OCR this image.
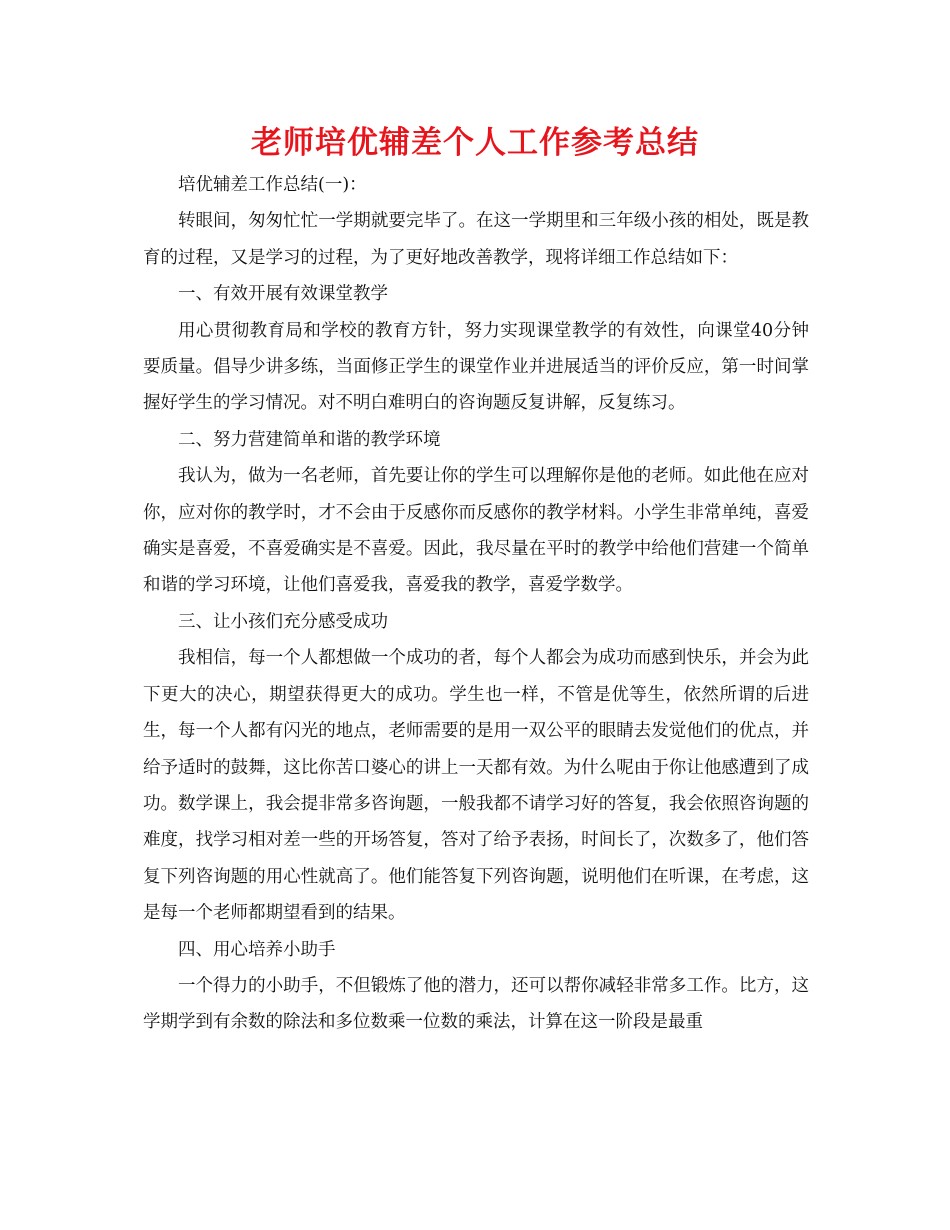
老师培优辅差个人工作参考总结

培优辅差工作总结(一)：

转眼间，匆匆忙忙一学期就要完毕了。在这一学期里和三年级小孩的相处，既是教育的过程，又是学习的过程，为了更好地改善教学，现将详细工作总结如下：

一、有效开展有效课堂教学

用心贯彻教育局和学校的教育方针，努力实现课堂教学的有效性，向课堂40分钟要质量。倡导少讲多练，当面修正学生的课堂作业并进展适当的评价反应，第一时间掌握好学生的学习情况。对不明白难明白的咨询题反复讲解，反复练习。

二、努力营建简单和谐的教学环境

我认为，做为一名老师，首先要让你的学生可以理解你是他的老师。如此他在应对你，应对你的教学时，才不会由于反感你而反感你的教学材料。小学生非常单纯，喜爱确实是喜爱，不喜爱确实是不喜爱。因此，我尽量在平时的教学中给他们营建一个简单和谐的学习环境，让他们喜爱我，喜爱我的教学，喜爱学数学。

三、让小孩们充分感受成功

我相信，每一个人都想做一个成功的者，每个人都会为成功而感到快乐，并会为此下更大的决心，期望获得更大的成功。学生也一样，不管是优等生，依然所谓的后进生，每一个人都有闪光的地点，老师需要的是用一双公平的眼睛去发觉他们的优点，并给予适时的鼓舞，这比你苦口婆心的讲上一天都有效。为什么呢由于你让他感遭到了成功。数学课上，我会提非常多咨询题，一般我都不请学习好的答复，我会依照咨询题的难度，找学习相对差一些的开场答复，答对了给予表扬，时间长了，次数多了，他们答复下列咨询题的用心性就高了。他们能答复下列咨询题，说明他们在听课，在考虑，这是每一个老师都期望看到的结果。

四、用心培养小助手

一个得力的小助手，不但锻炼了他的潜力，还可以帮你减轻非常多工作。比方，这学期学到有余数的除法和多位数乘一位数的乘法，计算在这一阶段是最重
